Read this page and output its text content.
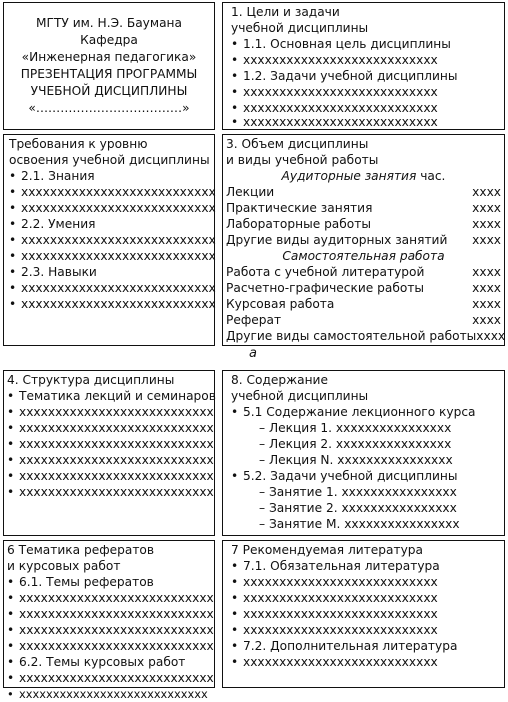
МГТУ им. Н.Э. Баумана
Кафедра
«Инженерная педагогика»
ПРЕЗЕНТАЦИЯ ПРОГРАММЫ
УЧЕБНОЙ ДИСЦИПЛИНЫ
«………………………………»
1. Цели и задачи
учебной дисциплины
• 1.1. Основная цель дисциплины
• xxxxxxxxxxxxxxxxxxxxxxxxxxx
• 1.2. Задачи учебной дисциплины
• xxxxxxxxxxxxxxxxxxxxxxxxxxx
• xxxxxxxxxxxxxxxxxxxxxxxxxxx
• xxxxxxxxxxxxxxxxxxxxxxxxxxx
Требования к уровню
освоения учебной дисциплины
• 2.1. Знания
• xxxxxxxxxxxxxxxxxxxxxxxxxxx
• xxxxxxxxxxxxxxxxxxxxxxxxxxx
• 2.2. Умения
• xxxxxxxxxxxxxxxxxxxxxxxxxxx
• xxxxxxxxxxxxxxxxxxxxxxxxxxx
• 2.3. Навыки
• xxxxxxxxxxxxxxxxxxxxxxxxxxx
• xxxxxxxxxxxxxxxxxxxxxxxxxxx
3. Объем дисциплины
и виды учебной работы
Аудиторные занятия час.
Лекции	xxxx
Практические занятия	xxxx
Лабораторные работы	xxxx
Другие виды аудиторных занятий xxxx
Самостоятельная работа
Работа с учебной литературой	xxxx
Расчетно-графические работы	xxxx
Курсовая работа	xxxx
Реферат	xxxx
Другие виды самостоятельной работы xxxx
а
4. Структура дисциплины
• Тематика лекций и семинаров
• xxxxxxxxxxxxxxxxxxxxxxxxxxx
• xxxxxxxxxxxxxxxxxxxxxxxxxxx
• xxxxxxxxxxxxxxxxxxxxxxxxxxx
• xxxxxxxxxxxxxxxxxxxxxxxxxxx
• xxxxxxxxxxxxxxxxxxxxxxxxxxx
• xxxxxxxxxxxxxxxxxxxxxxxxxxx
8. Содержание
учебной дисциплины
• 5.1 Содержание лекционного курса
– Лекция 1. xxxxxxxxxxxxxxxx
– Лекция 2. xxxxxxxxxxxxxxxx
– Лекция N. xxxxxxxxxxxxxxxx
• 5.2. Задачи учебной дисциплины
– Занятие 1. xxxxxxxxxxxxxxxx
– Занятие 2. xxxxxxxxxxxxxxxx
– Занятие М. xxxxxxxxxxxxxxxx
6 Тематика рефератов
и курсовых работ
• 6.1. Темы рефератов
• xxxxxxxxxxxxxxxxxxxxxxxxxxx
• xxxxxxxxxxxxxxxxxxxxxxxxxxx
• xxxxxxxxxxxxxxxxxxxxxxxxxxx
• xxxxxxxxxxxxxxxxxxxxxxxxxxx
• 6.2. Темы курсовых работ
• xxxxxxxxxxxxxxxxxxxxxxxxxxx
• xxxxxxxxxxxxxxxxxxxxxxxxxxxx
7 Рекомендуемая литература
• 7.1. Обязательная литература
• xxxxxxxxxxxxxxxxxxxxxxxxxxx
• xxxxxxxxxxxxxxxxxxxxxxxxxxx
• xxxxxxxxxxxxxxxxxxxxxxxxxxx
• xxxxxxxxxxxxxxxxxxxxxxxxxxx
• 7.2. Дополнительная литература
• xxxxxxxxxxxxxxxxxxxxxxxxxxx
